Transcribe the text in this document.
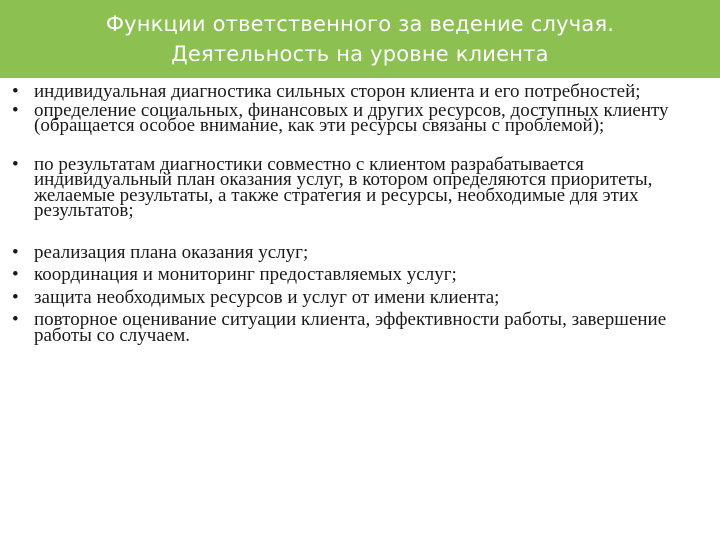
Функции ответственного за ведение случая.
Деятельность на уровне клиента
• индивидуальная диагностика сильных сторон клиента и его потребностей;
• определение социальных, финансовых и других ресурсов, доступных клиенту (обращается особое внимание, как эти ресурсы связаны с проблемой);
• по результатам диагностики совместно с клиентом разрабатывается индивидуальный план оказания услуг, в котором определяются приоритеты, желаемые результаты, а также стратегия и ресурсы, необходимые для этих результатов;
• реализация плана оказания услуг;
• координация и мониторинг предоставляемых услуг;
• защита необходимых ресурсов и услуг от имени клиента;
• повторное оценивание ситуации клиента, эффективности работы, завершение работы со случаем.
